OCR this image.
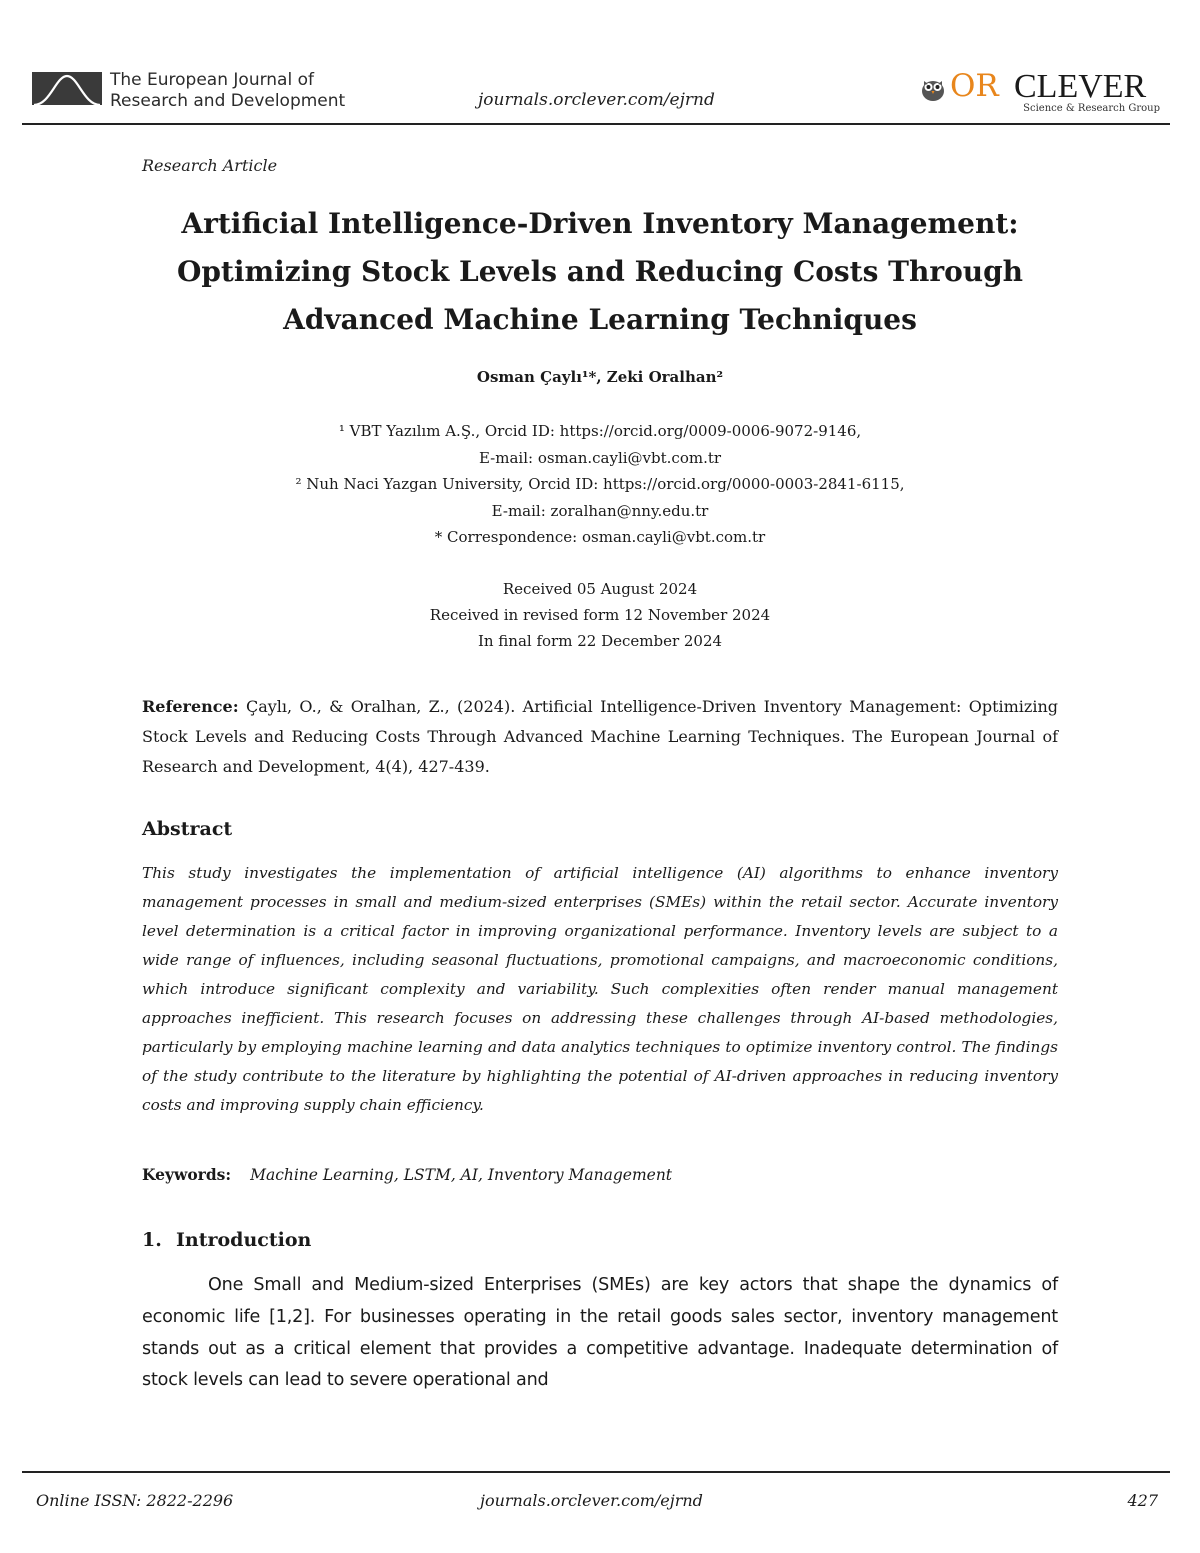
The European Journal of
Research and Development	journals.orclever.com/ejrnd	OR CLEVER
Science & Research Group
Research Article
Artificial Intelligence-Driven Inventory Management:
Optimizing Stock Levels and Reducing Costs Through
Advanced Machine Learning Techniques
Osman Çaylı¹*, Zeki Oralhan²
¹ VBT Yazılım A.Ş., Orcid ID: https://orcid.org/0009-0006-9072-9146,
E-mail: osman.cayli@vbt.com.tr
² Nuh Naci Yazgan University, Orcid ID: https://orcid.org/0000-0003-2841-6115,
E-mail: zoralhan@nny.edu.tr
* Correspondence: osman.cayli@vbt.com.tr
Received 05 August 2024
Received in revised form 12 November 2024
In final form 22 December 2024
Reference: Çaylı, O., & Oralhan, Z., (2024). Artificial Intelligence-Driven Inventory Management: Optimizing Stock Levels and Reducing Costs Through Advanced Machine Learning Techniques. The European Journal of Research and Development, 4(4), 427-439.
Abstract
This study investigates the implementation of artificial intelligence (AI) algorithms to enhance inventory management processes in small and medium-sized enterprises (SMEs) within the retail sector. Accurate inventory level determination is a critical factor in improving organizational performance. Inventory levels are subject to a wide range of influences, including seasonal fluctuations, promotional campaigns, and macroeconomic conditions, which introduce significant complexity and variability. Such complexities often render manual management approaches inefficient. This research focuses on addressing these challenges through AI-based methodologies, particularly by employing machine learning and data analytics techniques to optimize inventory control. The findings of the study contribute to the literature by highlighting the potential of AI-driven approaches in reducing inventory costs and improving supply chain efficiency.
Keywords: Machine Learning, LSTM, AI, Inventory Management
1. Introduction
One Small and Medium-sized Enterprises (SMEs) are key actors that shape the dynamics of economic life [1,2]. For businesses operating in the retail goods sales sector, inventory management stands out as a critical element that provides a competitive advantage. Inadequate determination of stock levels can lead to severe operational and
Online ISSN: 2822-2296	journals.orclever.com/ejrnd	427
